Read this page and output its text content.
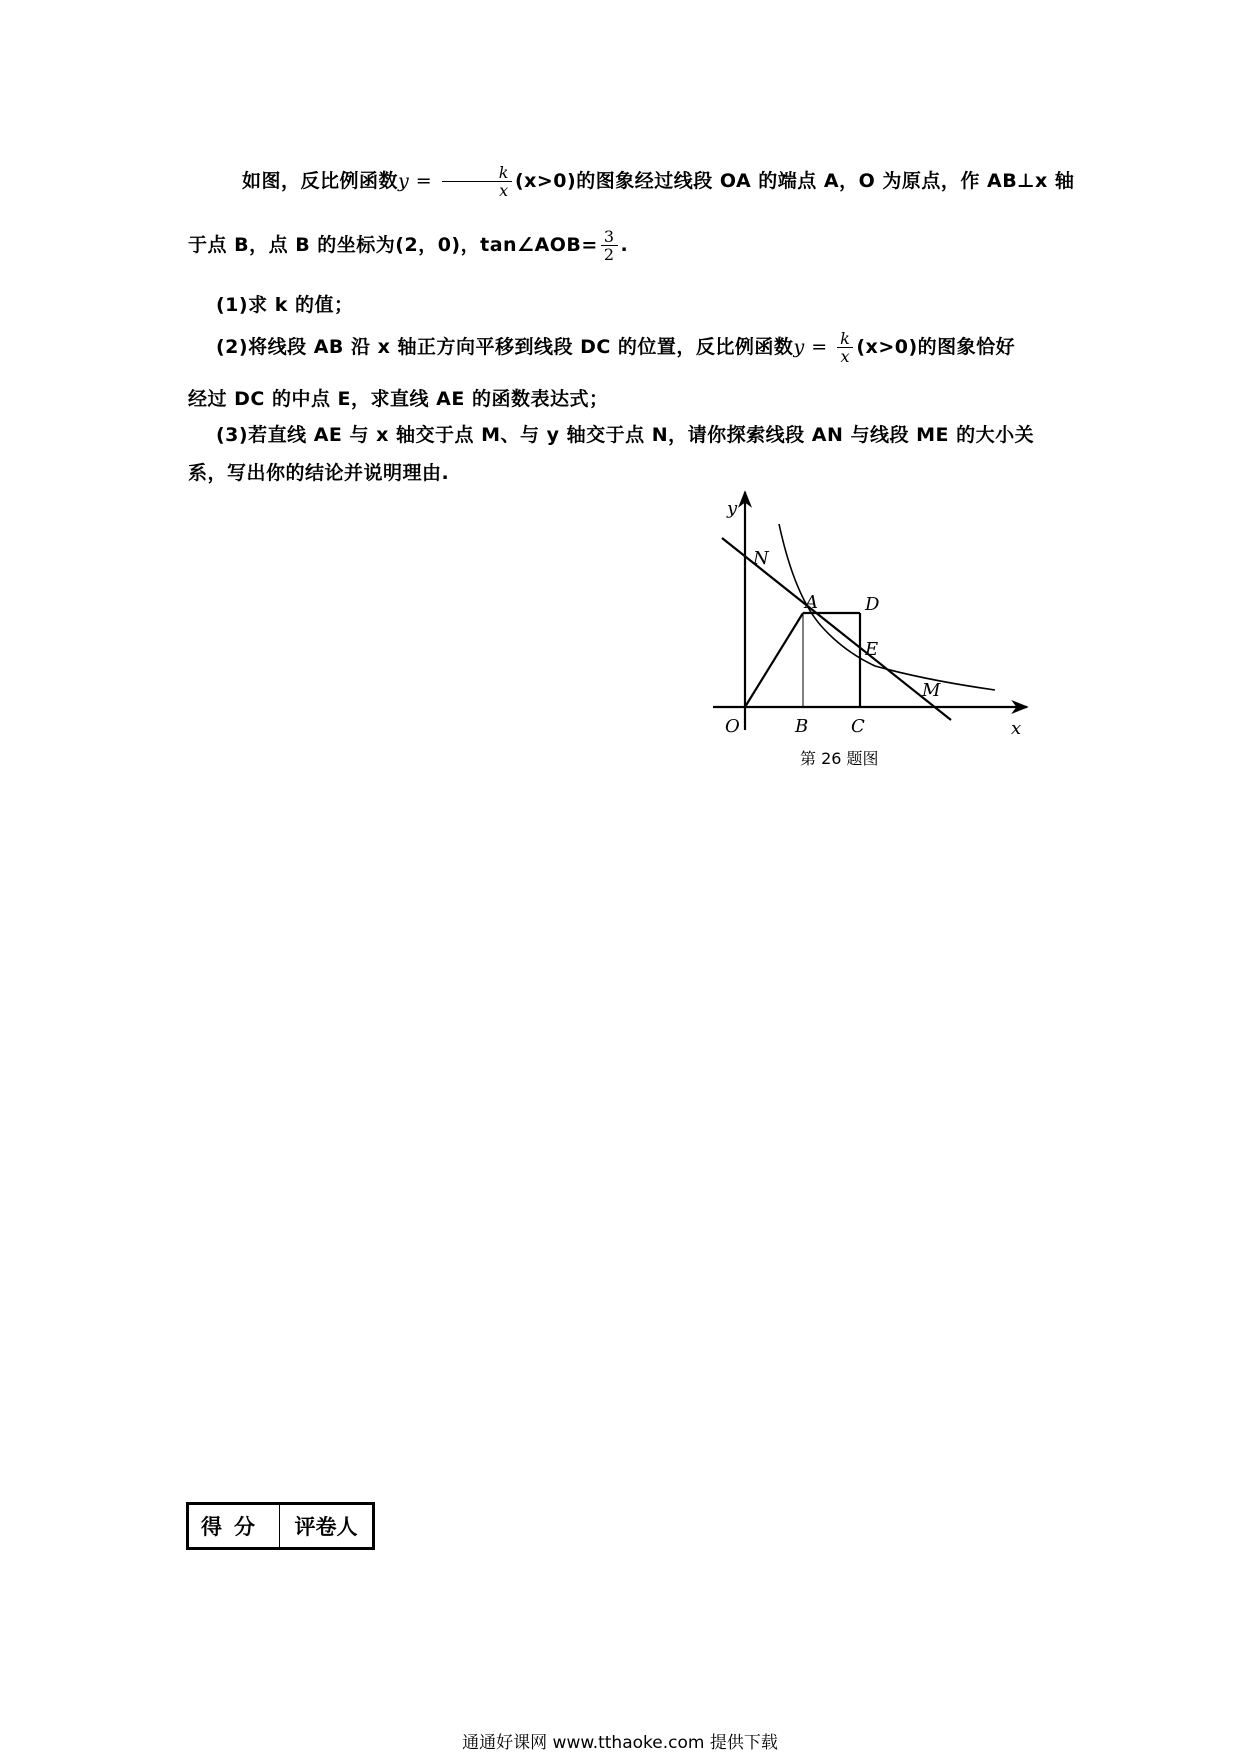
如图，反比例函数$y = \frac{k}{x} (x>0)$的图象经过线段 OA 的端点 A，O 为原点，作 AB⊥x 轴
于点 B，点 B 的坐标为(2，0)，tan∠AOB= $\frac{3}{2}$ .
(1)求 k 的值；
(2)将线段 AB 沿 x 轴正方向平移到线段 DC 的位置，反比例函数$y = \frac{k}{x} (x>0)$的图象恰好
经过 DC 的中点 E，求直线 AE 的函数表达式；
(3)若直线 AE 与 x 轴交于点 M、与 y 轴交于点 N，请你探索线段 AN 与线段 ME 的大小关
系，写出你的结论并说明理由.
y
x
O
N
A	D
E
M
B C
第 26 题图
得分	评卷人
通通好课网 www.tthaoke.com 提供下载
